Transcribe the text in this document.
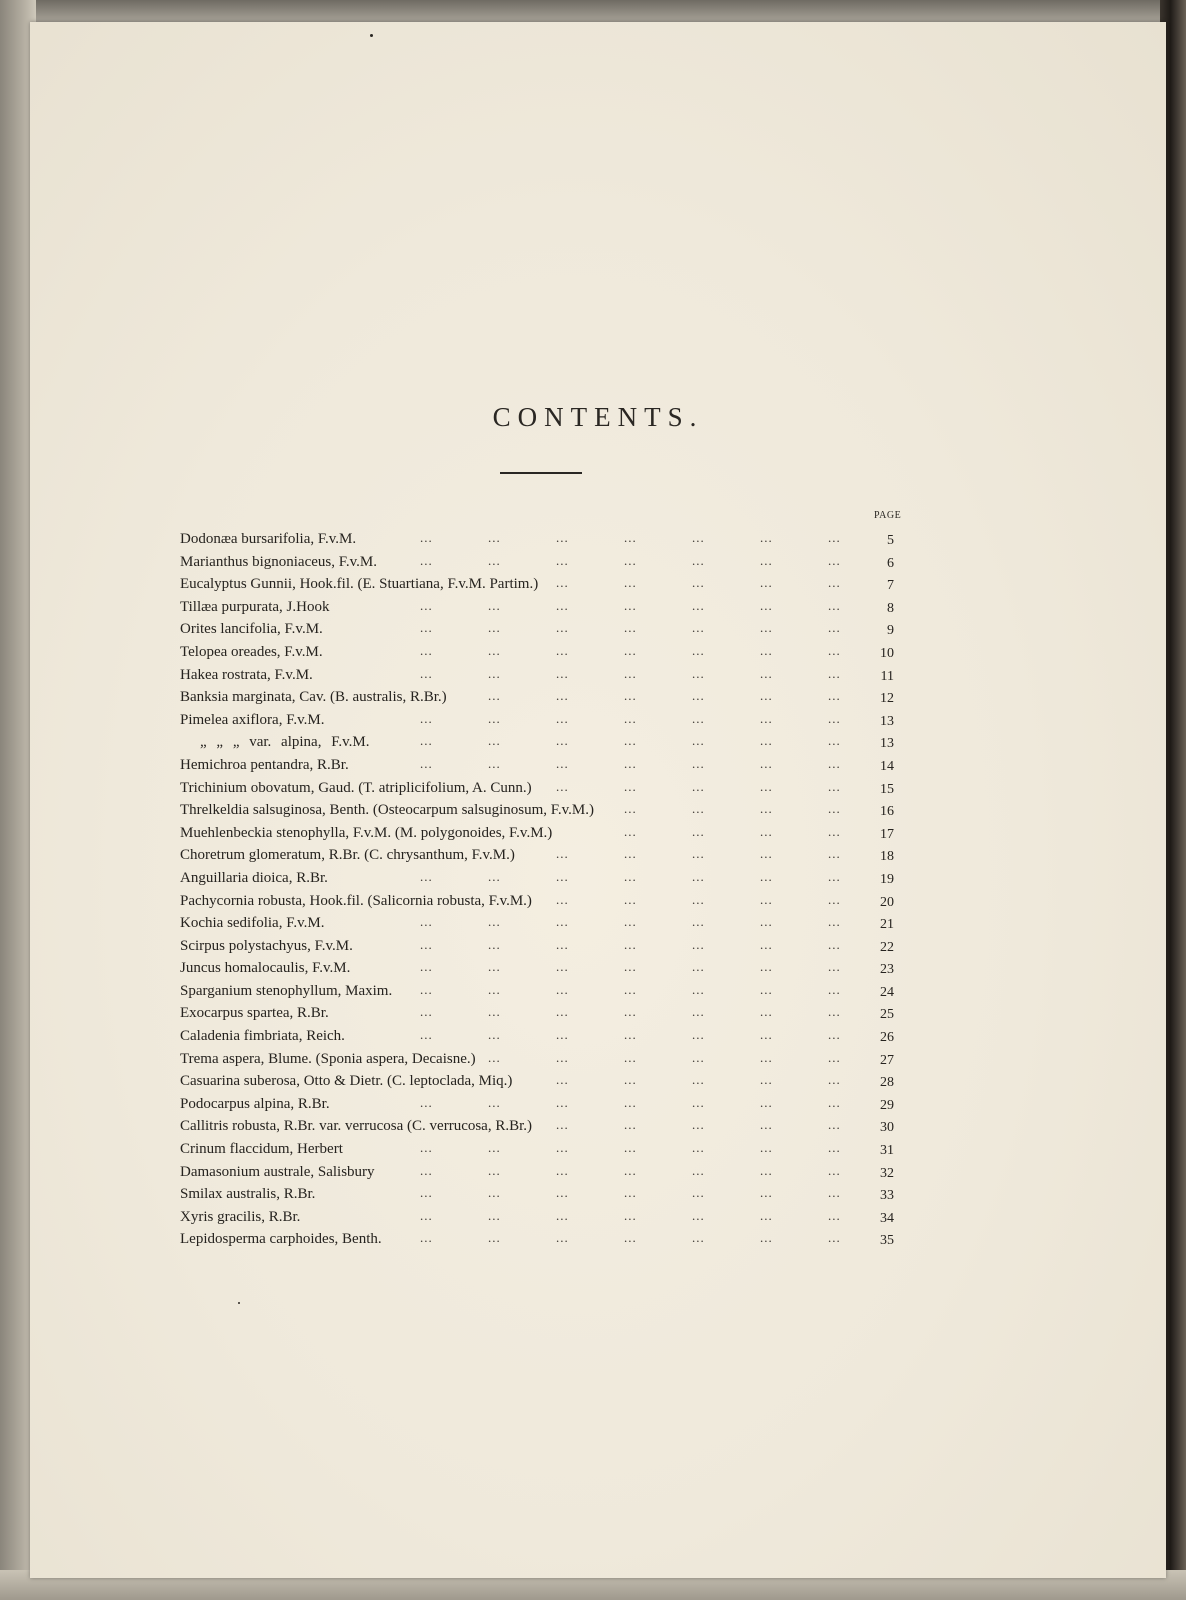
CONTENTS.
PAGE
Dodonæa bursarifolia, F.v.M.	5
...	...	...	...	...	...	...
Marianthus bignoniaceus, F.v.M.	6
...	...	...	...	...	...	...
Eucalyptus Gunnii, Hook.fil. (E. Stuartiana, F.v.M. Partim.)	7
...	...	...	...	...
Tillæa purpurata, J.Hook	8
...	...	...	...	...	...	...
Orites lancifolia, F.v.M.	9
...	...	...	...	...	...	...
Telopea oreades, F.v.M.	10
...	...	...	...	...	...	...
Hakea rostrata, F.v.M.	11
...	...	...	...	...	...	...
Banksia marginata, Cav. (B. australis, R.Br.)	12
...	...	...	...	...	...
Pimelea axiflora, F.v.M.	13
...	...	...	...	...	...	...
„ „ „ var. alpina, F.v.M.	13
...	...	...	...	...	...	...
Hemichroa pentandra, R.Br.	14
...	...	...	...	...	...	...
Trichinium obovatum, Gaud. (T. atriplicifolium, A. Cunn.)	15
...	...	...	...	...
Threlkeldia salsuginosa, Benth. (Osteocarpum salsuginosum, F.v.M.)	16
...	...	...	...
Muehlenbeckia stenophylla, F.v.M. (M. polygonoides, F.v.M.)	17
...	...	...	...
Choretrum glomeratum, R.Br. (C. chrysanthum, F.v.M.)	18
...	...	...	...	...
Anguillaria dioica, R.Br.	19
...	...	...	...	...	...	...
Pachycornia robusta, Hook.fil. (Salicornia robusta, F.v.M.)	20
...	...	...	...	...
Kochia sedifolia, F.v.M.	21
...	...	...	...	...	...	...
Scirpus polystachyus, F.v.M.	22
...	...	...	...	...	...	...
Juncus homalocaulis, F.v.M.	23
...	...	...	...	...	...	...
Sparganium stenophyllum, Maxim.	24
...	...	...	...	...	...	...
Exocarpus spartea, R.Br.	25
...	...	...	...	...	...	...
Caladenia fimbriata, Reich.	26
...	...	...	...	...	...	...
Trema aspera, Blume. (Sponia aspera, Decaisne.)	27
...	...	...	...	...	...
Casuarina suberosa, Otto & Dietr. (C. leptoclada, Miq.)	28
...	...	...	...	...
Podocarpus alpina, R.Br.	29
...	...	...	...	...	...	...
Callitris robusta, R.Br. var. verrucosa (C. verrucosa, R.Br.)	30
...	...	...	...	...
Crinum flaccidum, Herbert	31
...	...	...	...	...	...	...
Damasonium australe, Salisbury	32
...	...	...	...	...	...	...
Smilax australis, R.Br.	33
...	...	...	...	...	...	...
Xyris gracilis, R.Br.	34
...	...	...	...	...	...	...
Lepidosperma carphoides, Benth.	35
...	...	...	...	...	...	...
